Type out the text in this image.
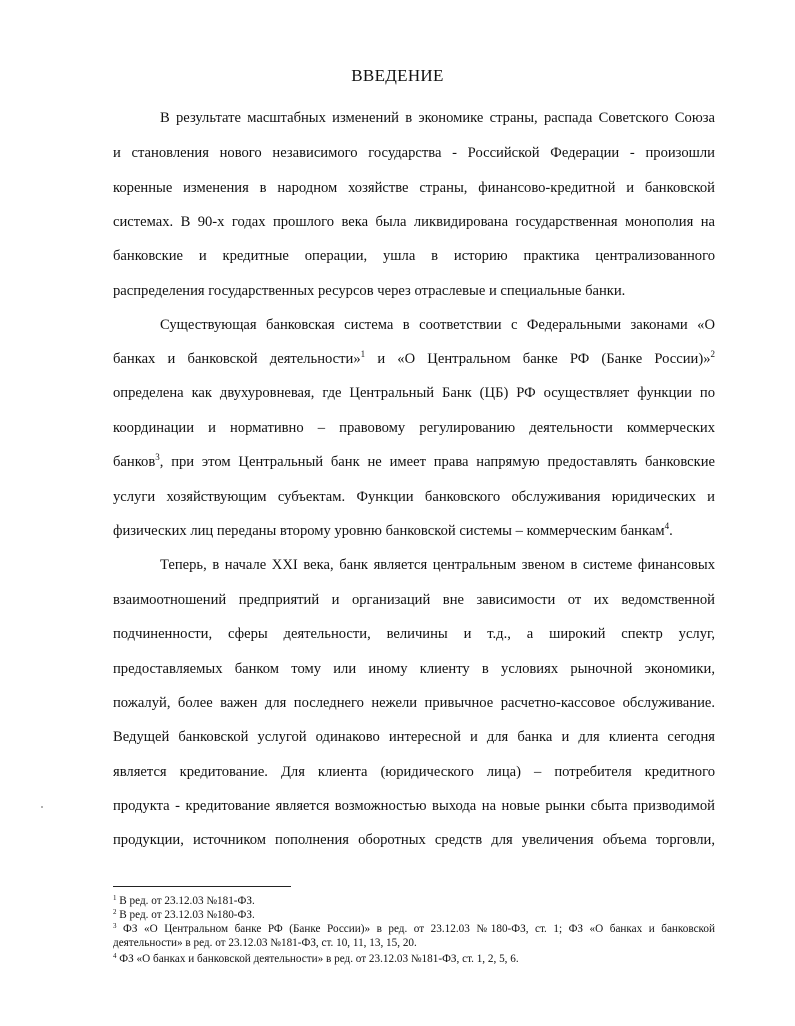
ВВЕДЕНИЕ
В результате масштабных изменений в экономике страны, распада Советского Союза
и становления нового независимого государства - Российской Федерации - произошли
коренные изменения в народном хозяйстве страны, финансово-кредитной и банковской
системах. В 90-х годах прошлого века была ликвидирована государственная монополия на
банковские и кредитные операции, ушла в историю практика централизованного
распределения государственных ресурсов через отраслевые и специальные банки.
Существующая банковская система в соответствии с Федеральными законами «О
банках и банковской деятельности»$^1$ и «О Центральном банке РФ (Банке России)»$^2$
определена как двухуровневая, где Центральный Банк (ЦБ) РФ осуществляет функции по
координации и нормативно – правовому регулированию деятельности коммерческих
банков$^3$, при этом Центральный банк не имеет права напрямую предоставлять банковские
услуги хозяйствующим субъектам. Функции банковского обслуживания юридических и
физических лиц переданы второму уровню банковской системы – коммерческим банкам$^4$.
Теперь, в начале XXI века, банк является центральным звеном в системе финансовых
взаимоотношений предприятий и организаций вне зависимости от их ведомственной
подчиненности, сферы деятельности, величины и т.д., а широкий спектр услуг,
предоставляемых банком тому или иному клиенту в условиях рыночной экономики,
пожалуй, более важен для последнего нежели привычное расчетно-кассовое обслуживание.
Ведущей банковской услугой одинаково интересной и для банка и для клиента сегодня
является кредитование. Для клиента (юридического лица) – потребителя кредитного
продукта - кредитование является возможностью выхода на новые рынки сбыта призводимой
продукции, источником пополнения оборотных средств для увеличения объема торговли,
$^1$ В ред. от 23.12.03 №181-ФЗ.
$^2$ В ред. от 23.12.03 №180-ФЗ.
$^3$ ФЗ «О Центральном банке РФ (Банке России)» в ред. от 23.12.03 №180-ФЗ, ст. 1; ФЗ «О банках и банковской
деятельности» в ред. от 23.12.03 №181-ФЗ, ст. 10, 11, 13, 15, 20.
$^4$ ФЗ «О банках и банковской деятельности» в ред. от 23.12.03 №181-ФЗ, ст. 1, 2, 5, 6.
